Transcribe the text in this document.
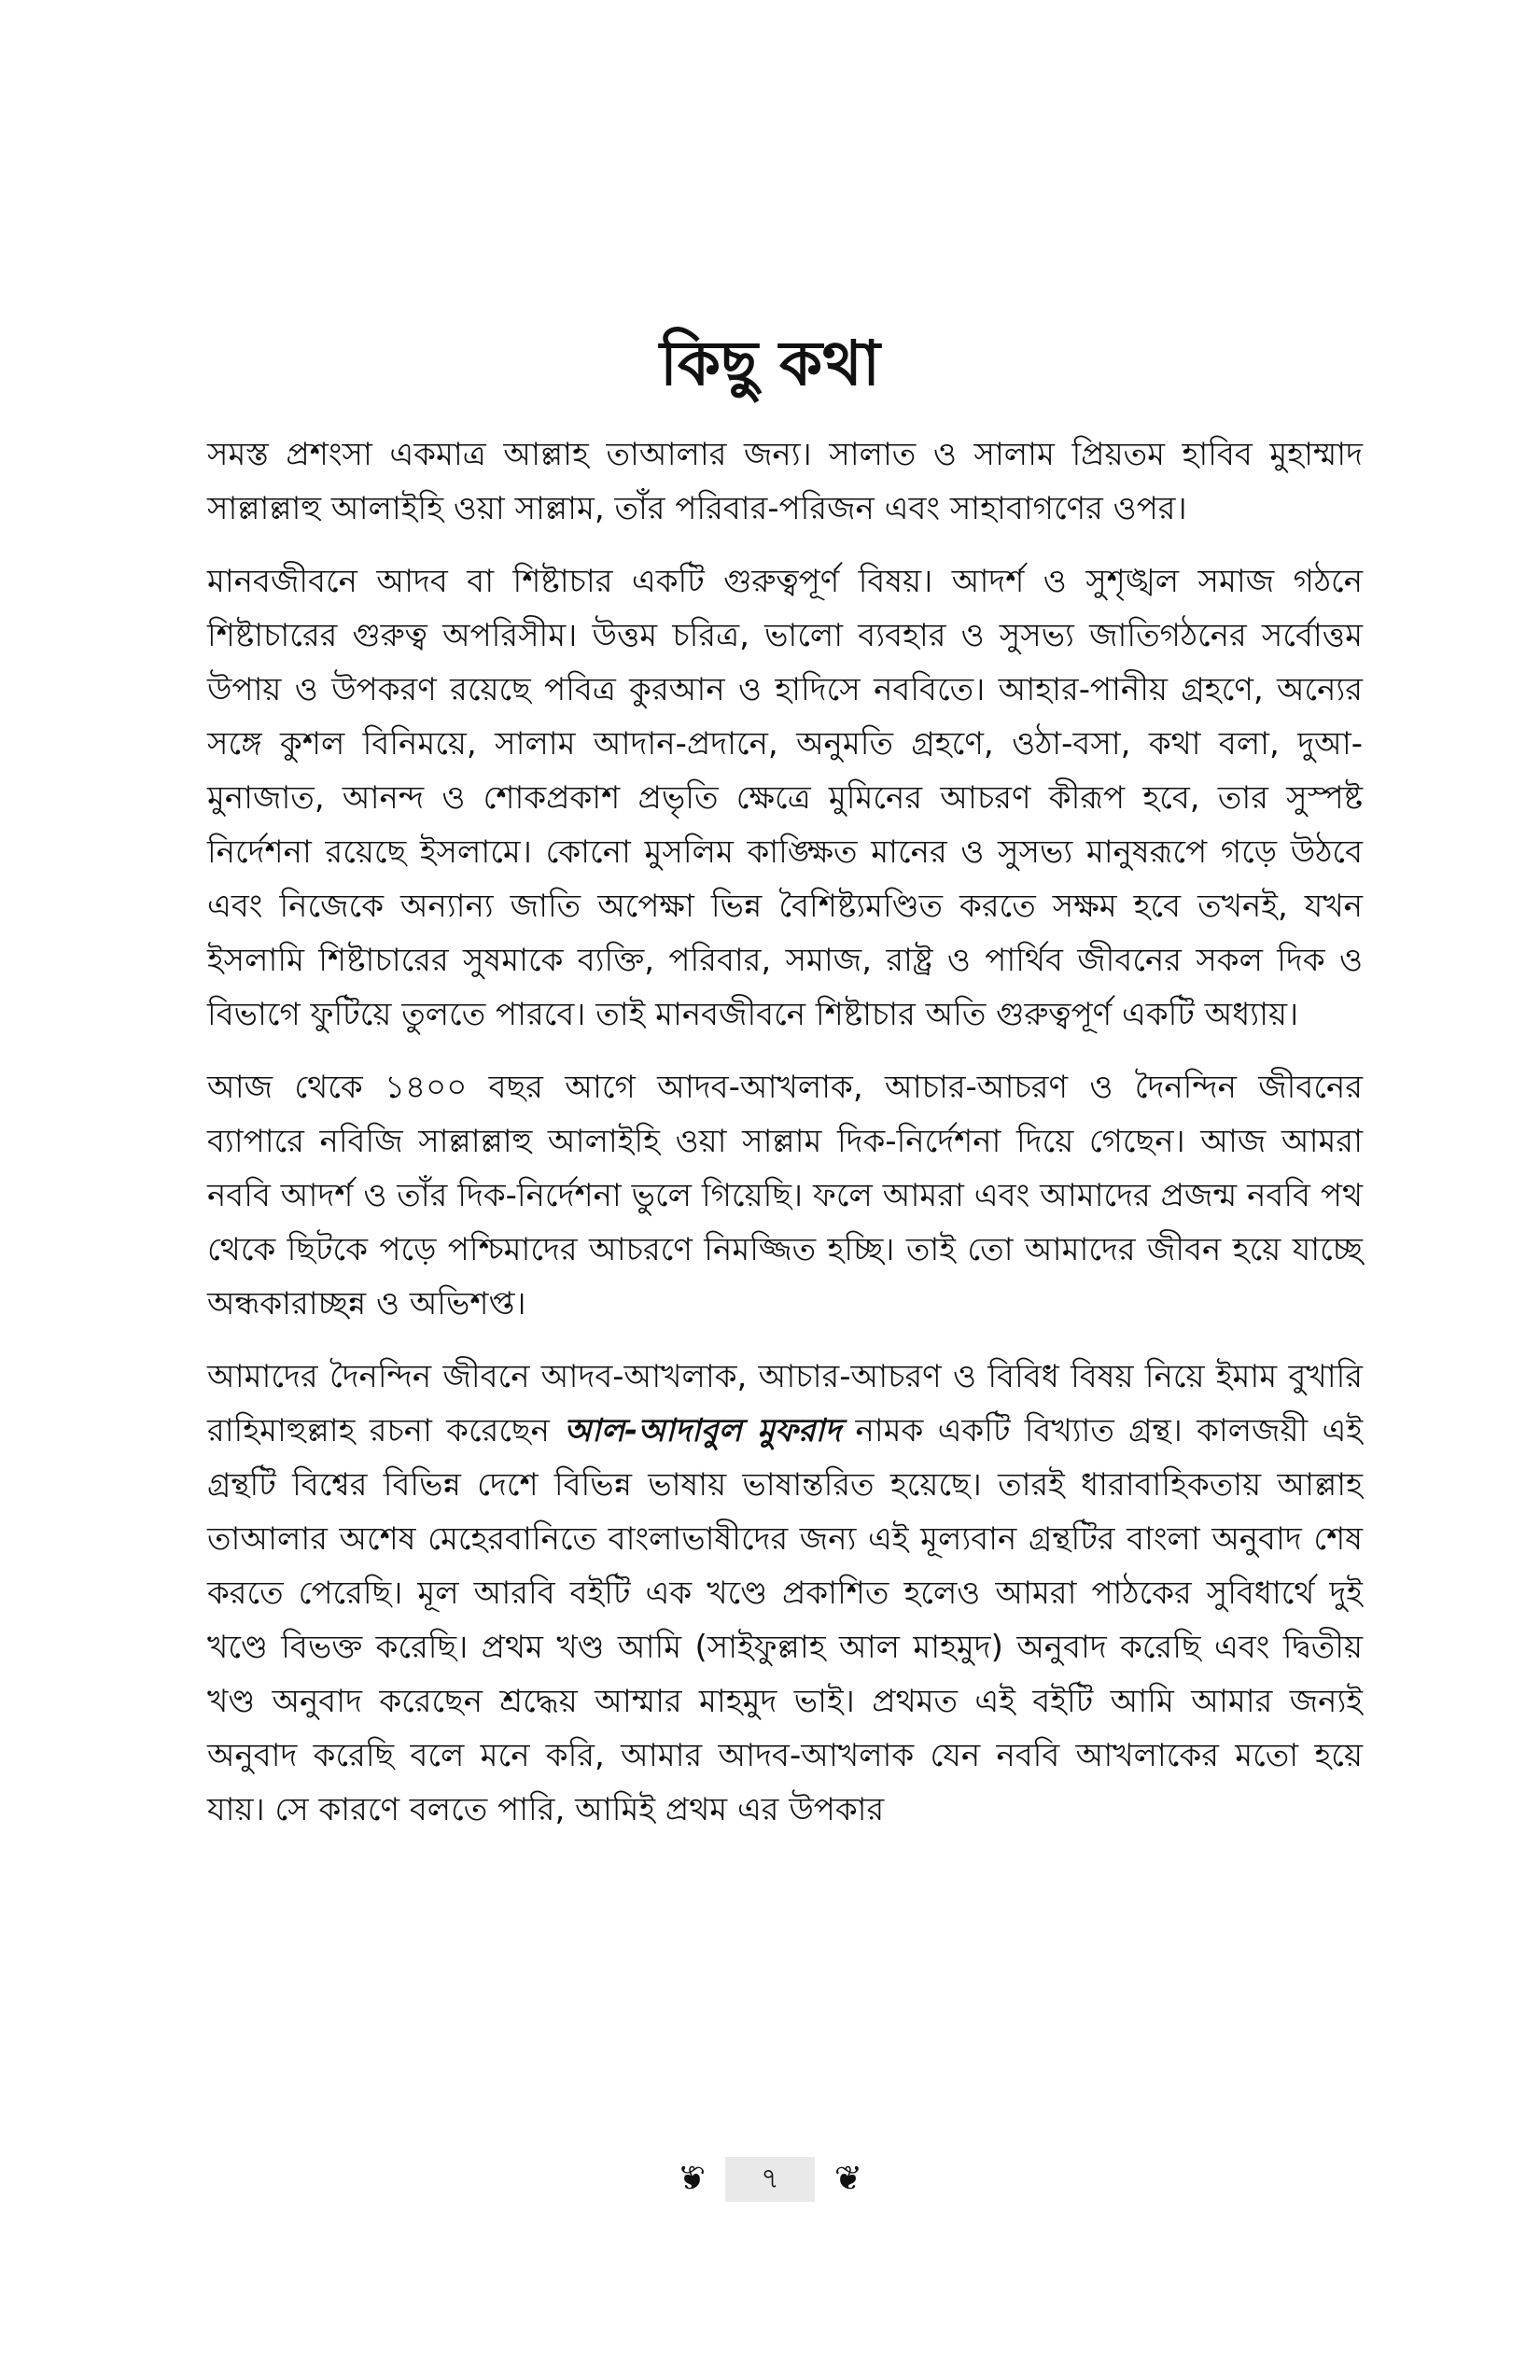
কিছু কথা

সমস্ত প্রশংসা একমাত্র আল্লাহ তাআলার জন্য। সালাত ও সালাম প্রিয়তম হাবিব মুহাম্মাদ সাল্লাল্লাহু আলাইহি ওয়া সাল্লাম, তাঁর পরিবার-পরিজন এবং সাহাবাগণের ওপর।

মানবজীবনে আদব বা শিষ্টাচার একটি গুরুত্বপূর্ণ বিষয়। আদর্শ ও সুশৃঙ্খল সমাজ গঠনে শিষ্টাচারের গুরুত্ব অপরিসীম। উত্তম চরিত্র, ভালো ব্যবহার ও সুসভ্য জাতিগঠনের সর্বোত্তম উপায় ও উপকরণ রয়েছে পবিত্র কুরআন ও হাদিসে নববিতে। আহার-পানীয় গ্রহণে, অন্যের সঙ্গে কুশল বিনিময়ে, সালাম আদান-প্রদানে, অনুমতি গ্রহণে, ওঠা-বসা, কথা বলা, দুআ-মুনাজাত, আনন্দ ও শোকপ্রকাশ প্রভৃতি ক্ষেত্রে মুমিনের আচরণ কীরূপ হবে, তার সুস্পষ্ট নির্দেশনা রয়েছে ইসলামে। কোনো মুসলিম কাঙ্ক্ষিত মানের ও সুসভ্য মানুষরূপে গড়ে উঠবে এবং নিজেকে অন্যান্য জাতি অপেক্ষা ভিন্ন বৈশিষ্ট্যমণ্ডিত করতে সক্ষম হবে তখনই, যখন ইসলামি শিষ্টাচারের সুষমাকে ব্যক্তি, পরিবার, সমাজ, রাষ্ট্র ও পার্থিব জীবনের সকল দিক ও বিভাগে ফুটিয়ে তুলতে পারবে। তাই মানবজীবনে শিষ্টাচার অতি গুরুত্বপূর্ণ একটি অধ্যায়।

আজ থেকে ১৪০০ বছর আগে আদব-আখলাক, আচার-আচরণ ও দৈনন্দিন জীবনের ব্যাপারে নবিজি সাল্লাল্লাহু আলাইহি ওয়া সাল্লাম দিক-নির্দেশনা দিয়ে গেছেন। আজ আমরা নববি আদর্শ ও তাঁর দিক-নির্দেশনা ভুলে গিয়েছি। ফলে আমরা এবং আমাদের প্রজন্ম নববি পথ থেকে ছিটকে পড়ে পশ্চিমাদের আচরণে নিমজ্জিত হচ্ছি। তাই তো আমাদের জীবন হয়ে যাচ্ছে অন্ধকারাচ্ছন্ন ও অভিশপ্ত।

আমাদের দৈনন্দিন জীবনে আদব-আখলাক, আচার-আচরণ ও বিবিধ বিষয় নিয়ে ইমাম বুখারি রাহিমাহুল্লাহ রচনা করেছেন আল-আদাবুল মুফরাদ নামক একটি বিখ্যাত গ্রন্থ। কালজয়ী এই গ্রন্থটি বিশ্বের বিভিন্ন দেশে বিভিন্ন ভাষায় ভাষান্তরিত হয়েছে। তারই ধারাবাহিকতায় আল্লাহ তাআলার অশেষ মেহেরবানিতে বাংলাভাষীদের জন্য এই মূল্যবান গ্রন্থটির বাংলা অনুবাদ শেষ করতে পেরেছি। মূল আরবি বইটি এক খণ্ডে প্রকাশিত হলেও আমরা পাঠকের সুবিধার্থে দুই খণ্ডে বিভক্ত করেছি। প্রথম খণ্ড আমি (সাইফুল্লাহ আল মাহমুদ) অনুবাদ করেছি এবং দ্বিতীয় খণ্ড অনুবাদ করেছেন শ্রদ্ধেয় আম্মার মাহমুদ ভাই। প্রথমত এই বইটি আমি আমার জন্যই অনুবাদ করেছি বলে মনে করি, আমার আদব-আখলাক যেন নববি আখলাকের মতো হয়ে যায়। সে কারণে বলতে পারি, আমিই প্রথম এর উপকার

❦	৭	❦
